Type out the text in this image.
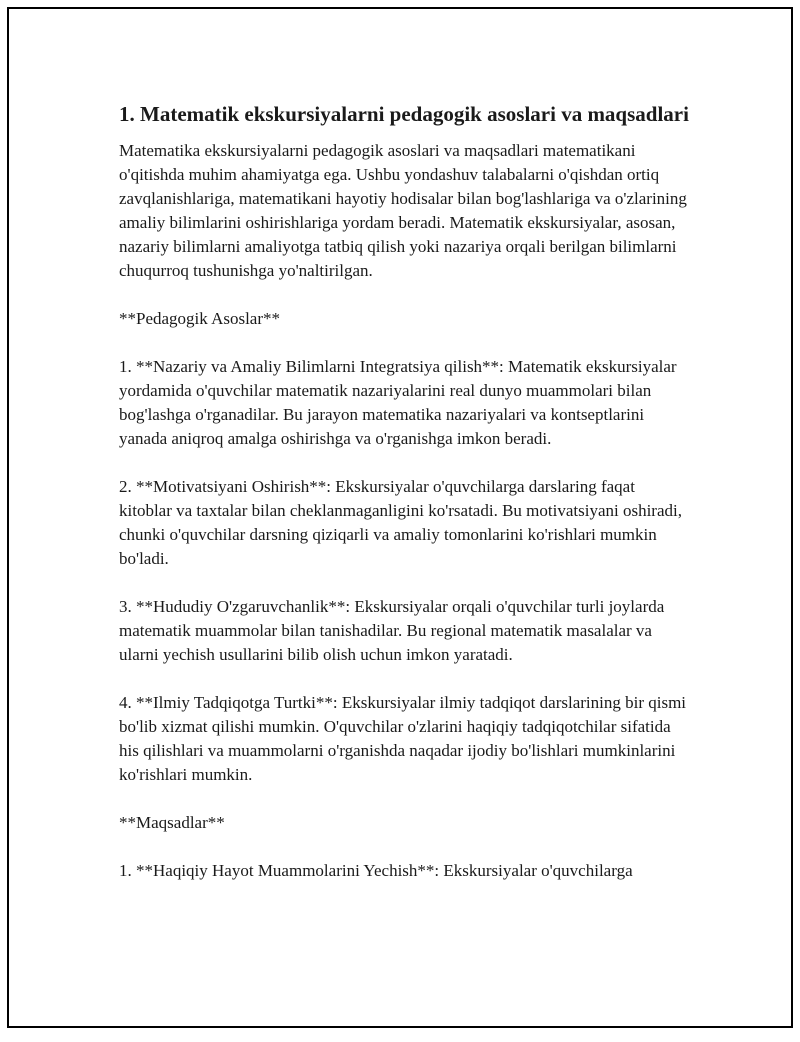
1. Matematik ekskursiyalarni pedagogik asoslari va maqsadlari

Matematika ekskursiyalarni pedagogik asoslari va maqsadlari matematikani o'qitishda muhim ahamiyatga ega. Ushbu yondashuv talabalarni o'qishdan ortiq zavqlanishlariga, matematikani hayotiy hodisalar bilan bog'lashlariga va o'zlarining amaliy bilimlarini oshirishlariga yordam beradi. Matematik ekskursiyalar, asosan, nazariy bilimlarni amaliyotga tatbiq qilish yoki nazariya orqali berilgan bilimlarni chuqurroq tushunishga yo'naltirilgan.

**Pedagogik Asoslar**

1. **Nazariy va Amaliy Bilimlarni Integratsiya qilish**: Matematik ekskursiyalar yordamida o'quvchilar matematik nazariyalarini real dunyo muammolari bilan bog'lashga o'rganadilar. Bu jarayon matematika nazariyalari va kontseptlarini yanada aniqroq amalga oshirishga va o'rganishga imkon beradi.

2. **Motivatsiyani Oshirish**: Ekskursiyalar o'quvchilarga darslaring faqat kitoblar va taxtalar bilan cheklanmaganligini ko'rsatadi. Bu motivatsiyani oshiradi, chunki o'quvchilar darsning qiziqarli va amaliy tomonlarini ko'rishlari mumkin bo'ladi.

3. **Hududiy O'zgaruvchanlik**: Ekskursiyalar orqali o'quvchilar turli joylarda matematik muammolar bilan tanishadilar. Bu regional matematik masalalar va ularni yechish usullarini bilib olish uchun imkon yaratadi.

4. **Ilmiy Tadqiqotga Turtki**: Ekskursiyalar ilmiy tadqiqot darslarining bir qismi bo'lib xizmat qilishi mumkin. O'quvchilar o'zlarini haqiqiy tadqiqotchilar sifatida his qilishlari va muammolarni o'rganishda naqadar ijodiy bo'lishlari mumkinlarini ko'rishlari mumkin.

**Maqsadlar**

1. **Haqiqiy Hayot Muammolarini Yechish**: Ekskursiyalar o'quvchilarga
